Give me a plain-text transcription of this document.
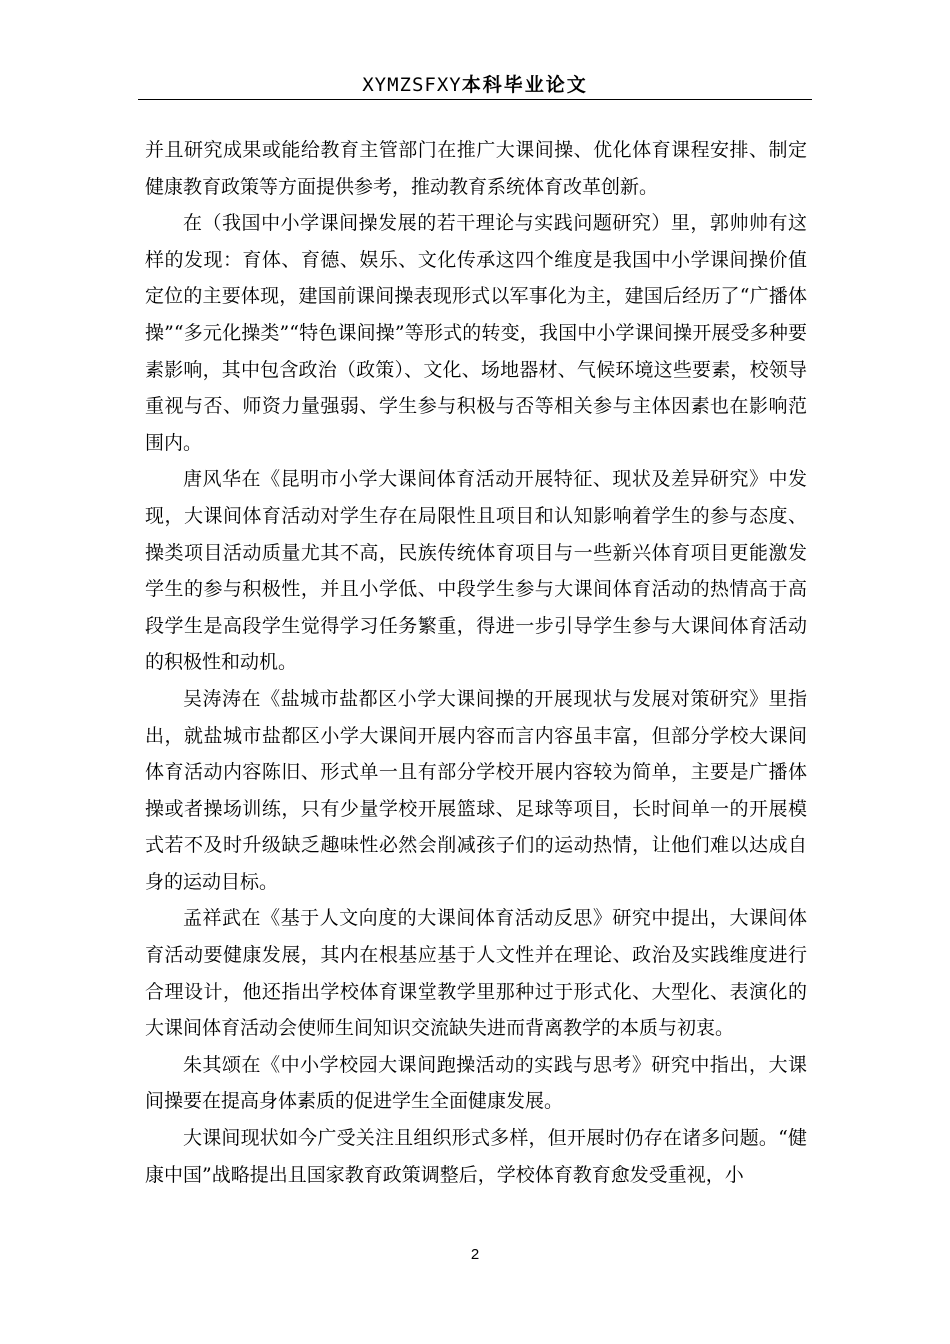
XYMZSFXY本科毕业论文

并且研究成果或能给教育主管部门在推广大课间操、优化体育课程安排、制定健康教育政策等方面提供参考，推动教育系统体育改革创新。

在（我国中小学课间操发展的若干理论与实践问题研究）里，郭帅帅有这样的发现：育体、育德、娱乐、文化传承这四个维度是我国中小学课间操价值定位的主要体现，建国前课间操表现形式以军事化为主，建国后经历了“广播体操”“多元化操类”“特色课间操”等形式的转变，我国中小学课间操开展受多种要素影响，其中包含政治（政策）、文化、场地器材、气候环境这些要素，校领导重视与否、师资力量强弱、学生参与积极与否等相关参与主体因素也在影响范围内。

唐风华在《昆明市小学大课间体育活动开展特征、现状及差异研究》中发现，大课间体育活动对学生存在局限性且项目和认知影响着学生的参与态度、操类项目活动质量尤其不高，民族传统体育项目与一些新兴体育项目更能激发学生的参与积极性，并且小学低、中段学生参与大课间体育活动的热情高于高段学生是高段学生觉得学习任务繁重，得进一步引导学生参与大课间体育活动的积极性和动机。

吴涛涛在《盐城市盐都区小学大课间操的开展现状与发展对策研究》里指出，就盐城市盐都区小学大课间开展内容而言内容虽丰富，但部分学校大课间体育活动内容陈旧、形式单一且有部分学校开展内容较为简单，主要是广播体操或者操场训练，只有少量学校开展篮球、足球等项目，长时间单一的开展模式若不及时升级缺乏趣味性必然会削减孩子们的运动热情，让他们难以达成自身的运动目标。

孟祥武在《基于人文向度的大课间体育活动反思》研究中提出，大课间体育活动要健康发展，其内在根基应基于人文性并在理论、政治及实践维度进行合理设计，他还指出学校体育课堂教学里那种过于形式化、大型化、表演化的大课间体育活动会使师生间知识交流缺失进而背离教学的本质与初衷。

朱其颂在《中小学校园大课间跑操活动的实践与思考》研究中指出，大课间操要在提高身体素质的促进学生全面健康发展。

大课间现状如今广受关注且组织形式多样，但开展时仍存在诸多问题。“健康中国”战略提出且国家教育政策调整后，学校体育教育愈发受重视，小

2
